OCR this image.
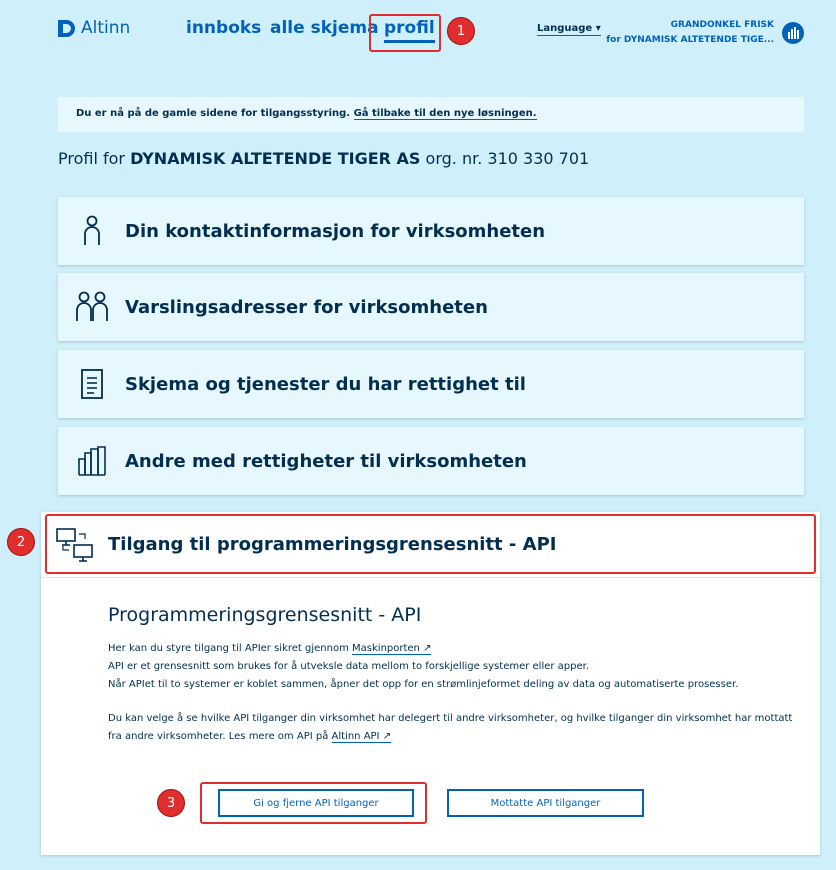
Altinn	innboks alle skjema profil	1	Language ▾	GRANDONKEL FRISK
for DYNAMISK ALTETENDE TIGE...
Du er nå på de gamle sidene for tilgangsstyring. Gå tilbake til den nye løsningen.
Profil for DYNAMISK ALTETENDE TIGER AS org. nr. 310 330 701
Din kontaktinformasjon for virksomheten
Varslingsadresser for virksomheten
Skjema og tjenester du har rettighet til
Andre med rettigheter til virksomheten
Tilgang til programmeringsgrensesnitt - API
Programmeringsgrensesnitt - API

Her kan du styre tilgang til APIer sikret gjennom Maskinporten ↗
API er et grensesnitt som brukes for å utveksle data mellom to forskjellige systemer eller apper.
Når APIet til to systemer er koblet sammen, åpner det opp for en strømlinjeformet deling av data og automatiserte prosesser.

Du kan velge å se hvilke API tilganger din virksomhet har delegert til andre virksomheter, og hvilke tilganger din virksomhet har mottatt fra andre virksomheter. Les mere om API på Altinn API ↗

Gi og fjerne API tilganger	Mottatte API tilganger
2
3
